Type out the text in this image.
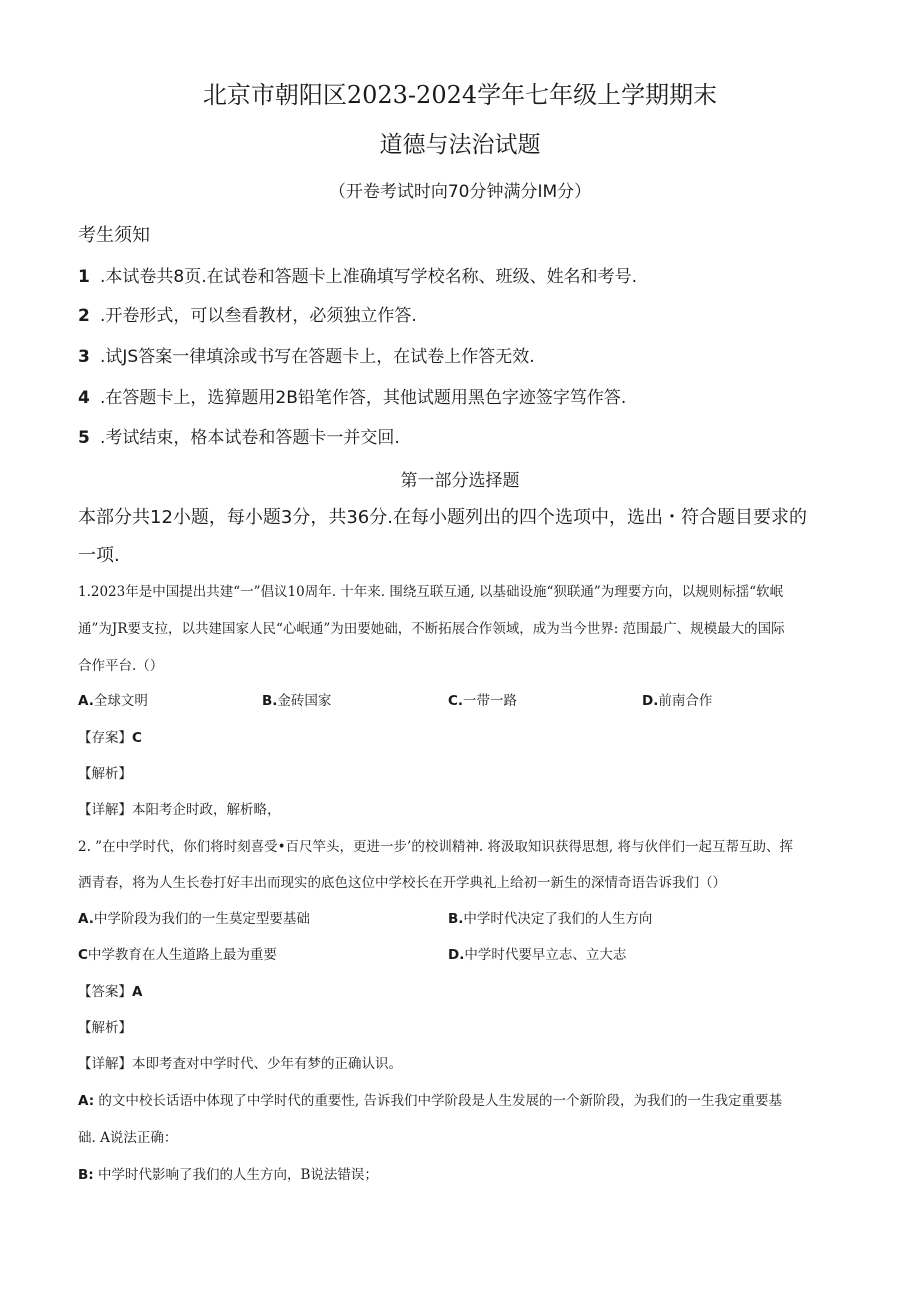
北京市朝阳区2023-2024学年七年级上学期期末
道德与法治试题
（开卷考试时向70分钟满分IM分）
考生须知
1 .本试卷共8页.在试卷和答题卡上准确填写学校名称、班级、姓名和考号.
2 .开卷形式，可以叁看教材，必须独立作答.
3 .试JS答案一律填涂或书写在答题卡上，在试卷上作答无效.
4 .在答题卡上，选獐题用2B铅笔作答，其他试题用黑色字迹签字笃作答.
5 .考试结束，格本试卷和答题卡一并交回.
第一部分选择题
本部分共12小题，每小题3分，共36分.在每小题列出的四个选项中，选出・符合题目要求的
一项.
1.2023年是中国提出共建“一”倡议10周年. 十年来. 围绕互联互通, 以基础设施“狈联通”为理要方向，以规则标揺“软岷
通”为JR要支拉，以共建国家人民“心岷通”为田要她础，不断拓展合作领域，成为当今世界: 范围最广、规模最大的国际
合作平台.（）
A.全球文明	B.金砖国家	C.一带一路	D.前南合作
【存案】C
【解析】
【详解】本阳考企时政，解析略，
2. ”在中学时代，你们将时刻喜受•百尺竿头，更进一步’的校训精神. 将汲取知识获得思想, 将与伙伴们一起互帮互助、挥
洒青春，将为人生长卷打好丰出而现实的底色这位中学校长在开学典礼上给初一新生的深情奇语告诉我们（）
A.中学阶段为我们的一生莫定型要基础	B.中学时代决定了我们的人生方向
C中学教育在人生道路上最为重要	D.中学时代要早立志、立大志
【答案】A
【解析】
【详解】本即考査对中学时代、少年有梦的正确认识。
A: 的文中校长话语中体现了中学时代的重要性, 告诉我们中学阶段是人生发展的一个新阶段，为我们的一生我定重要基
础. A说法正确：
B: 中学时代影响了我们的人生方向，B说法错误；
